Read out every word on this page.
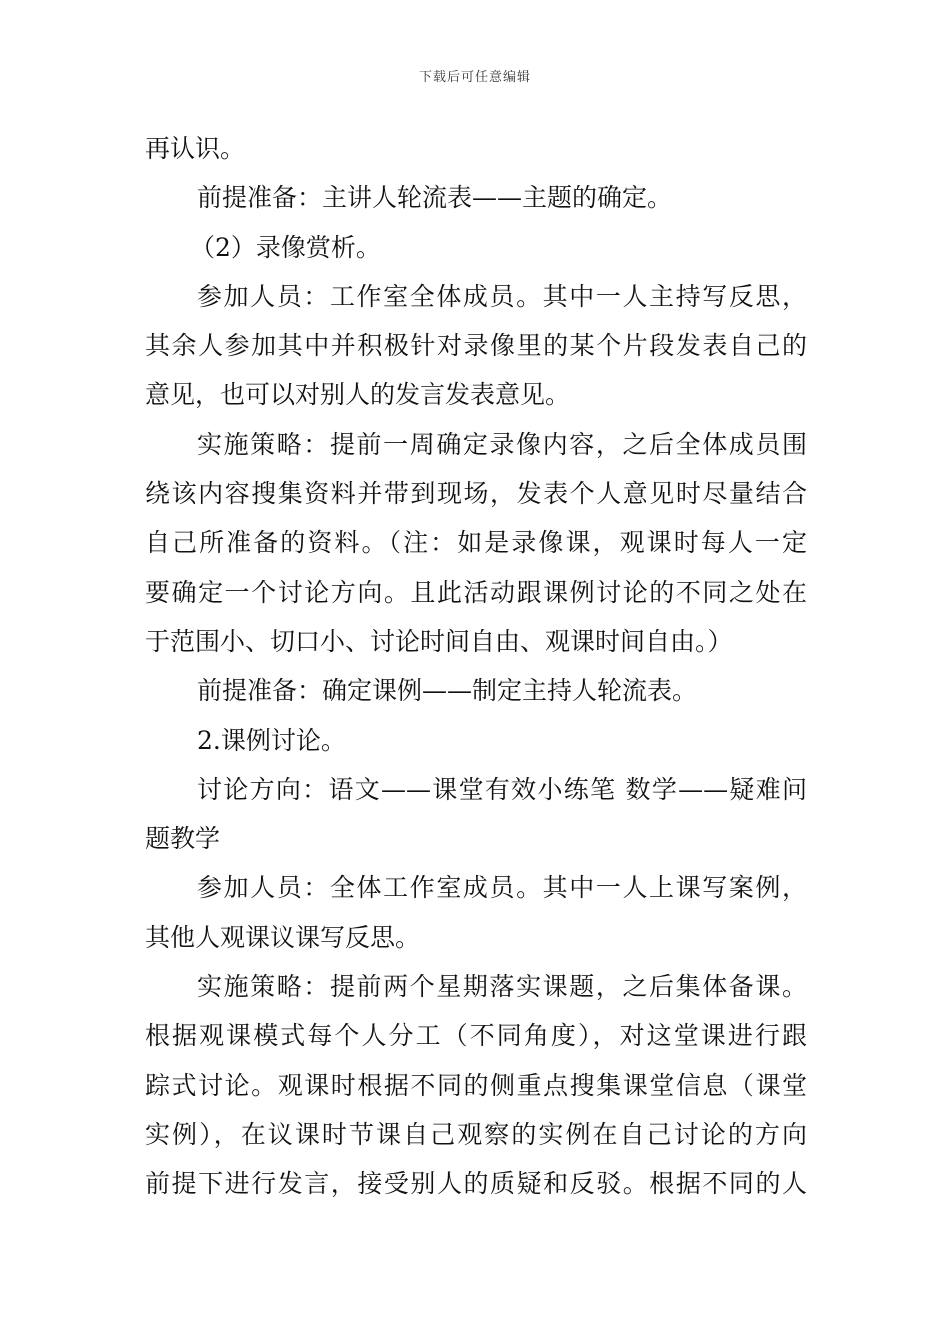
下载后可任意编辑
再认识。
前提准备：主讲人轮流表——主题的确定。
（2）录像赏析。
参加人员：工作室全体成员。其中一人主持写反思，
其余人参加其中并积极针对录像里的某个片段发表自己的
意见，也可以对别人的发言发表意见。
实施策略：提前一周确定录像内容，之后全体成员围
绕该内容搜集资料并带到现场，发表个人意见时尽量结合
自己所准备的资料。（注：如是录像课，观课时每人一定
要确定一个讨论方向。且此活动跟课例讨论的不同之处在
于范围小、切口小、讨论时间自由、观课时间自由。）
前提准备：确定课例——制定主持人轮流表。
2.课例讨论。
讨论方向：语文——课堂有效小练笔 数学——疑难问
题教学
参加人员：全体工作室成员。其中一人上课写案例，
其他人观课议课写反思。
实施策略：提前两个星期落实课题，之后集体备课。
根据观课模式每个人分工（不同角度），对这堂课进行跟
踪式讨论。观课时根据不同的侧重点搜集课堂信息（课堂
实例），在议课时节课自己观察的实例在自己讨论的方向
前提下进行发言，接受别人的质疑和反驳。根据不同的人
